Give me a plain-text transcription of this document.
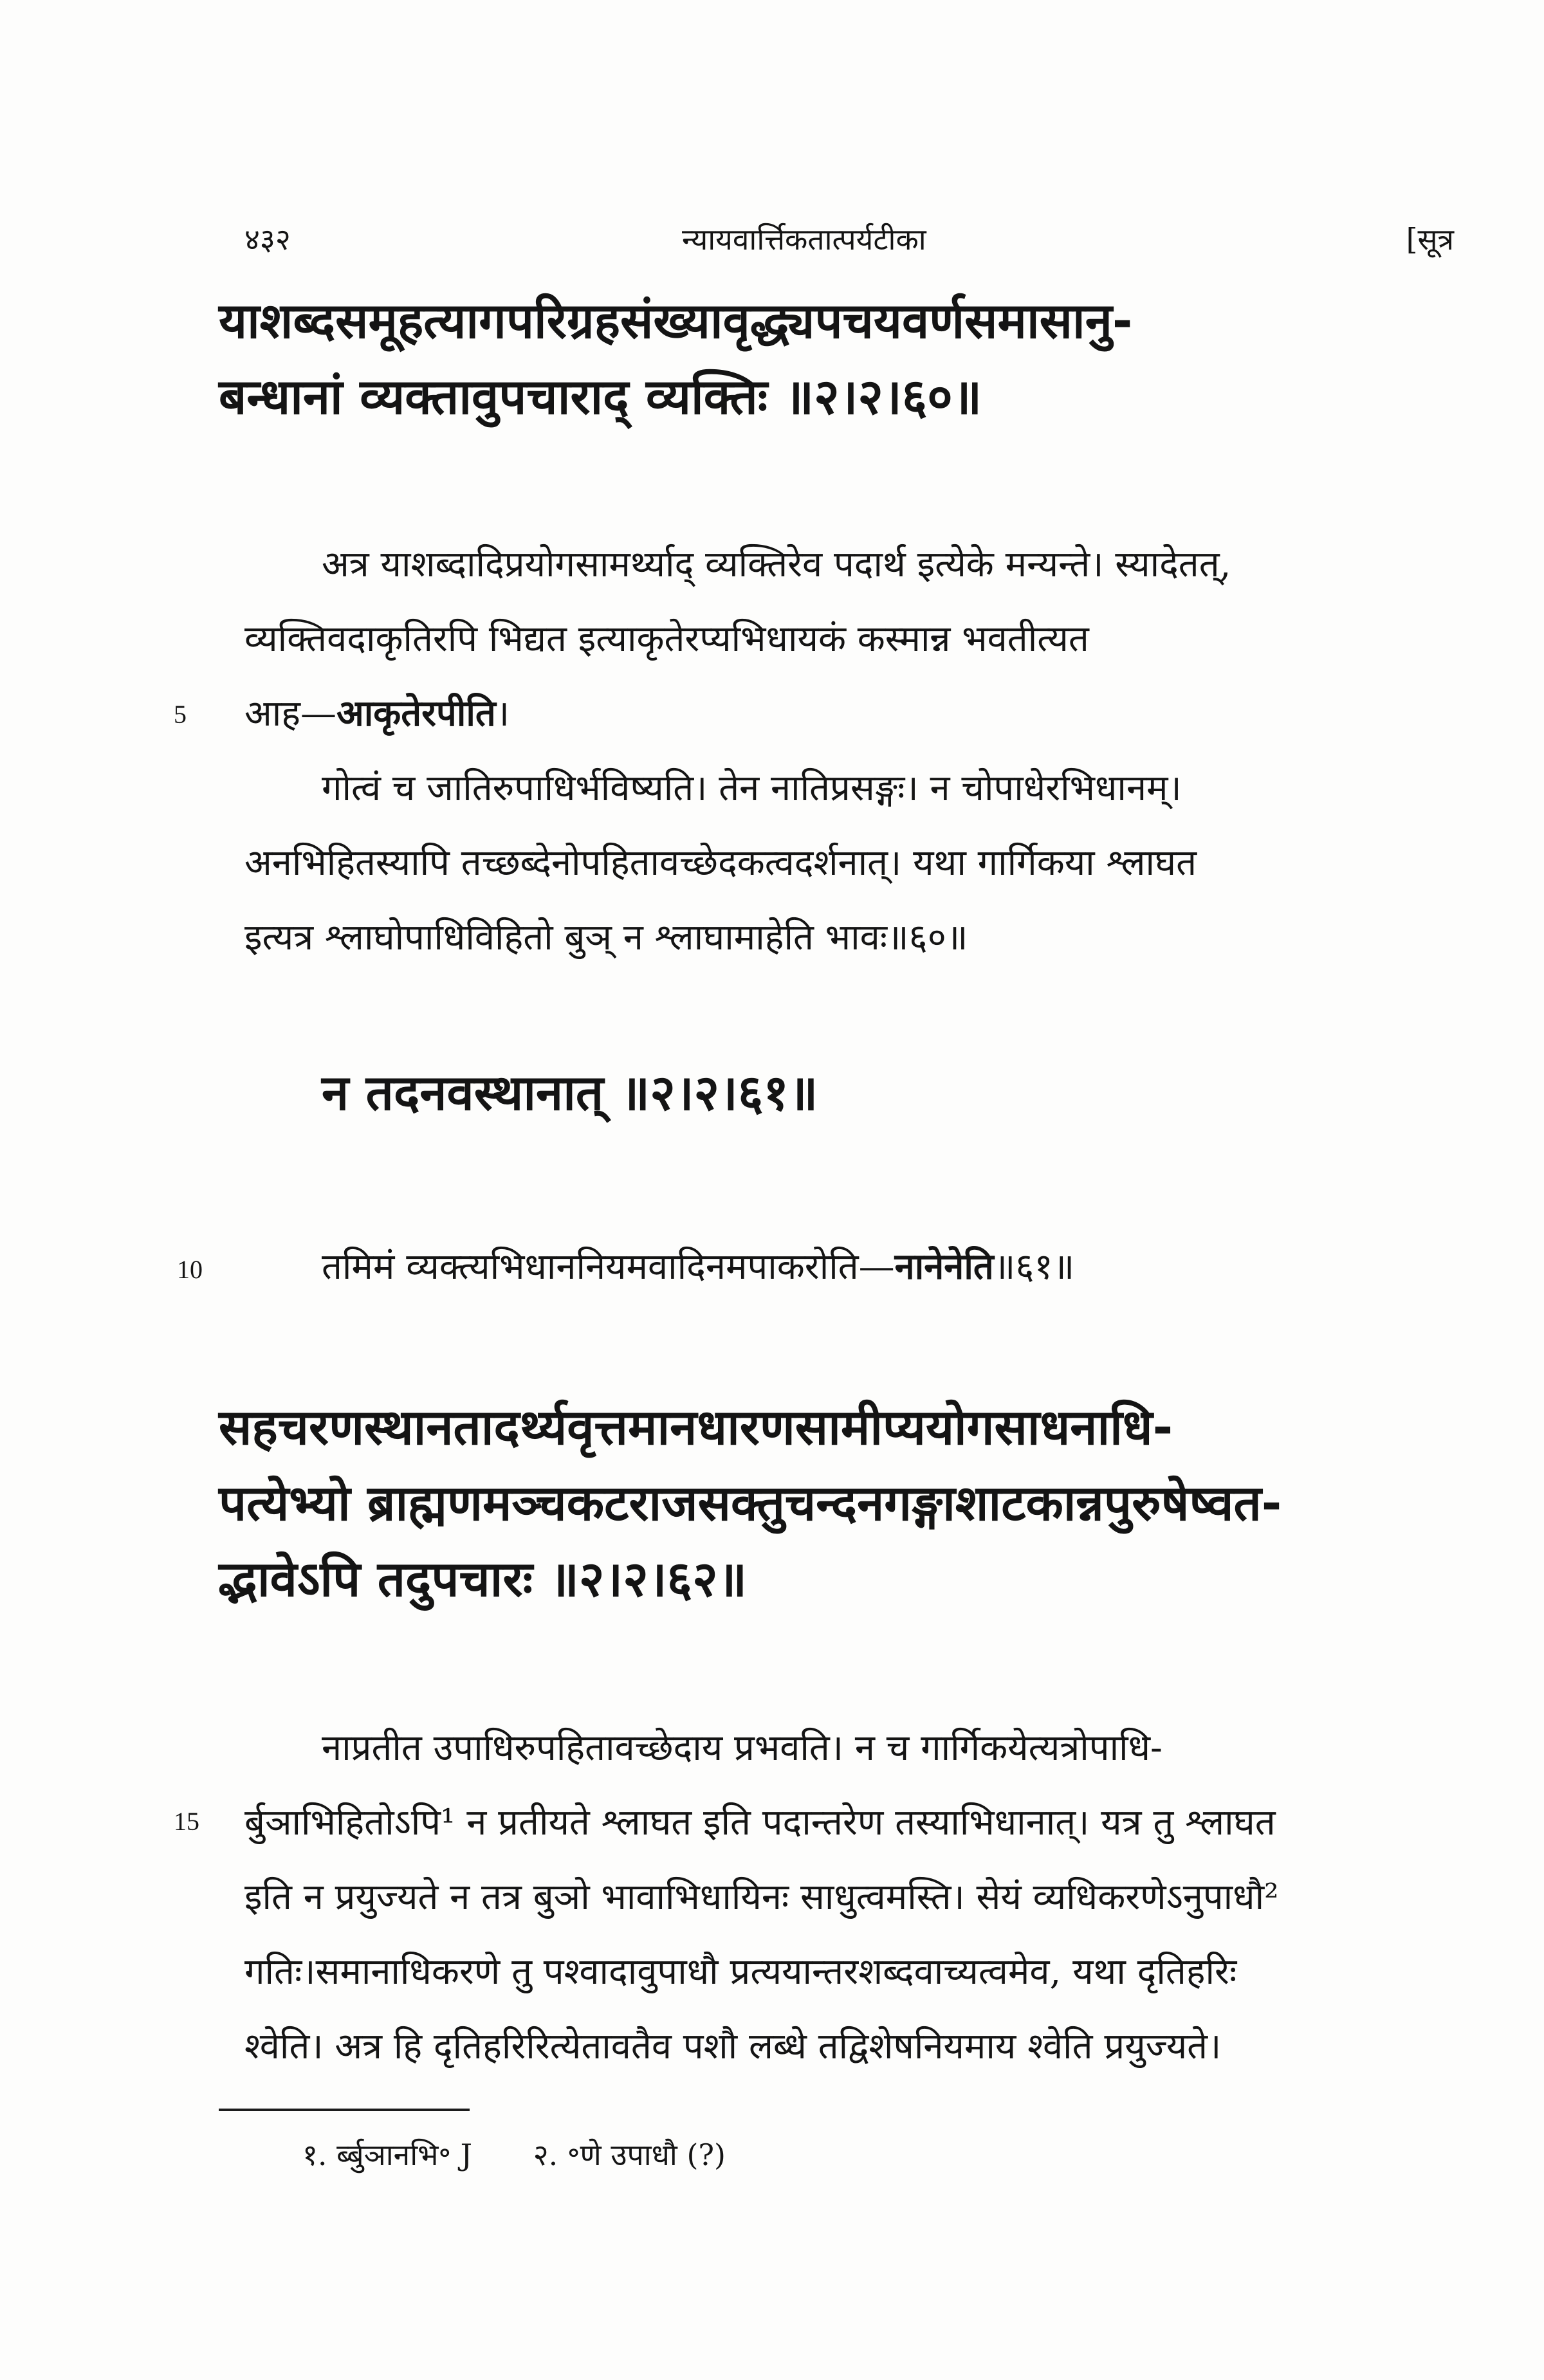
४३२	न्यायवार्त्तिकतात्पर्यटीका	[सूत्र
याशब्दसमूहत्यागपरिग्रहसंख्यावृद्ध्यपचयवर्णसमासानु-
बन्धानां व्यक्तावुपचाराद् व्यक्तिः ॥२।२।६०॥
अत्र याशब्दादिप्रयोगसामर्थ्याद् व्यक्तिरेव पदार्थ इत्येके मन्यन्ते। स्यादेतत्,
व्यक्तिवदाकृतिरपि भिद्यत इत्याकृतेरप्यभिधायकं कस्मान्न भवतीत्यत
आह—आकृतेरपीति।
गोत्वं च जातिरुपाधिर्भविष्यति। तेन नातिप्रसङ्गः। न चोपाधेरभिधानम्।
अनभिहितस्यापि तच्छब्देनोपहितावच्छेदकत्वदर्शनात्। यथा गार्गिकया श्लाघत
इत्यत्र श्लाघोपाधिविहितो बुञ् न श्लाघामाहेति भावः॥६०॥
5
न तदनवस्थानात् ॥२।२।६१॥
तमिमं व्यक्त्यभिधाननियमवादिनमपाकरोति—नानेनेति॥६१॥
10
सहचरणस्थानतादर्थ्यवृत्तमानधारणसामीप्ययोगसाधनाधि-
पत्येभ्यो ब्राह्मणमञ्चकटराजसक्तुचन्दनगङ्गाशाटकान्नपुरुषेष्वत-
द्भावेऽपि तदुपचारः ॥२।२।६२॥
नाप्रतीत उपाधिरुपहितावच्छेदाय प्रभवति। न च गार्गिकयेत्यत्रोपाधि-
र्बुञाभिहितोऽपि¹ न प्रतीयते श्लाघत इति पदान्तरेण तस्याभिधानात्। यत्र तु श्लाघत
इति न प्रयुज्यते न तत्र बुञो भावाभिधायिनः साधुत्वमस्ति। सेयं व्यधिकरणेऽनुपाधौ²
गतिः।समानाधिकरणे तु पश्वादावुपाधौ प्रत्ययान्तरशब्दवाच्यत्वमेव, यथा दृतिहरिः
श्वेति। अत्र हि दृतिहरिरित्येतावतैव पशौ लब्धे तद्विशेषनियमाय श्वेति प्रयुज्यते।
15
१. र्ब्बुञानभि॰ J २. ॰णे उपाधौ (?)
